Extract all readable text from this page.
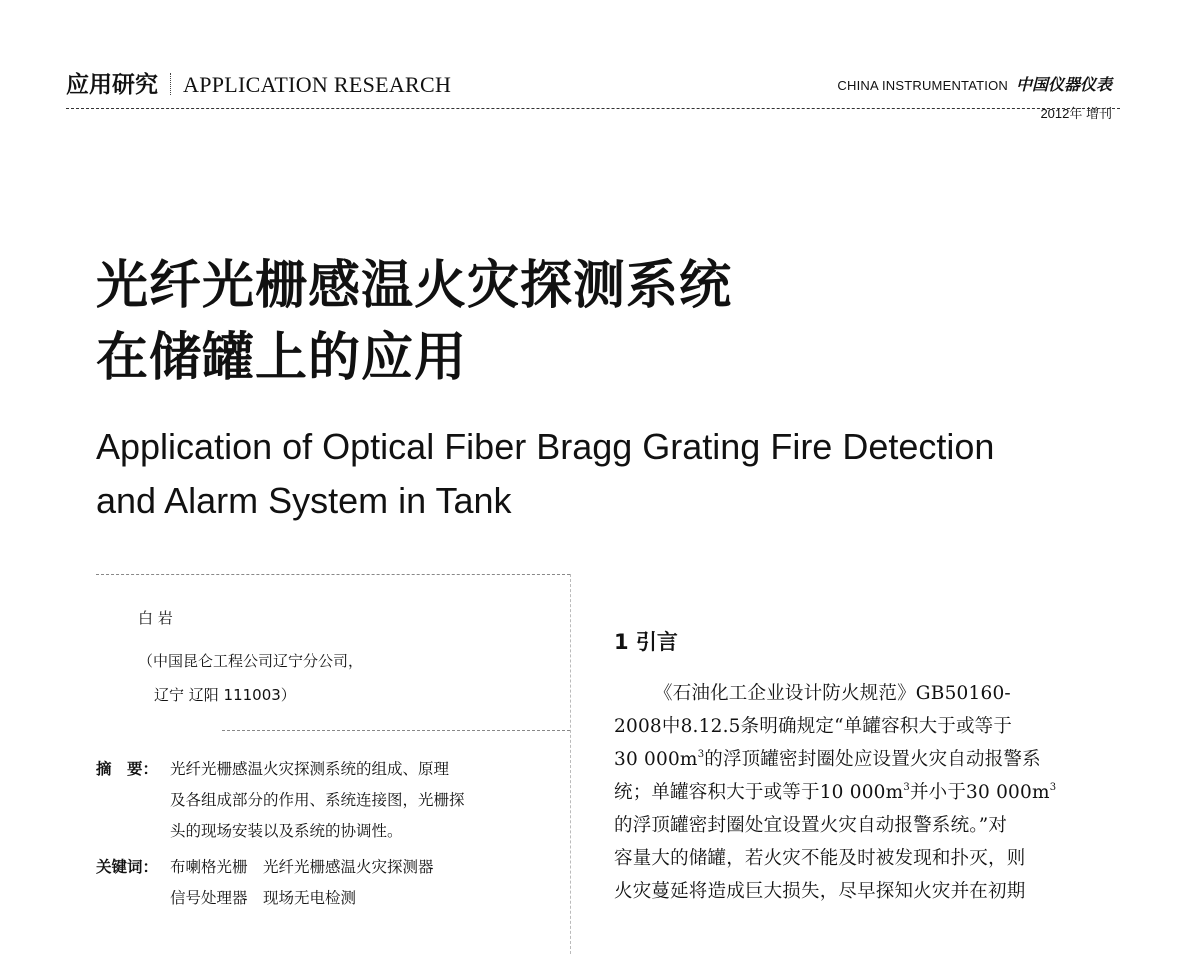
应用研究 APPLICATION RESEARCH	CHINA INSTRUMENTATION 中国仪器仪表
2012年 增刊
光纤光栅感温火灾探测系统
在储罐上的应用
Application of Optical Fiber Bragg Grating Fire Detection
and Alarm System in Tank
白 岩
（中国昆仑工程公司辽宁分公司，
辽宁 辽阳 111003）
摘　要： 光纤光栅感温火灾探测系统的组成、原理
及各组成部分的作用、系统连接图，光栅探
头的现场安装以及系统的协调性。
关键词： 布喇格光栅　光纤光栅感温火灾探测器
信号处理器　现场无电检测
1 引言
《石油化工企业设计防火规范》GB50160-
2008中8.12.5条明确规定“单罐容积大于或等于
30 $000m^3$的浮顶罐密封圈处应设置火灾自动报警系
统；单罐容积大于或等于10 $000m^3$并小于30 $000m^3$
的浮顶罐密封圈处宜设置火灾自动报警系统。”对
容量大的储罐，若火灾不能及时被发现和扑灭，则
火灾蔓延将造成巨大损失，尽早探知火灾并在初期
